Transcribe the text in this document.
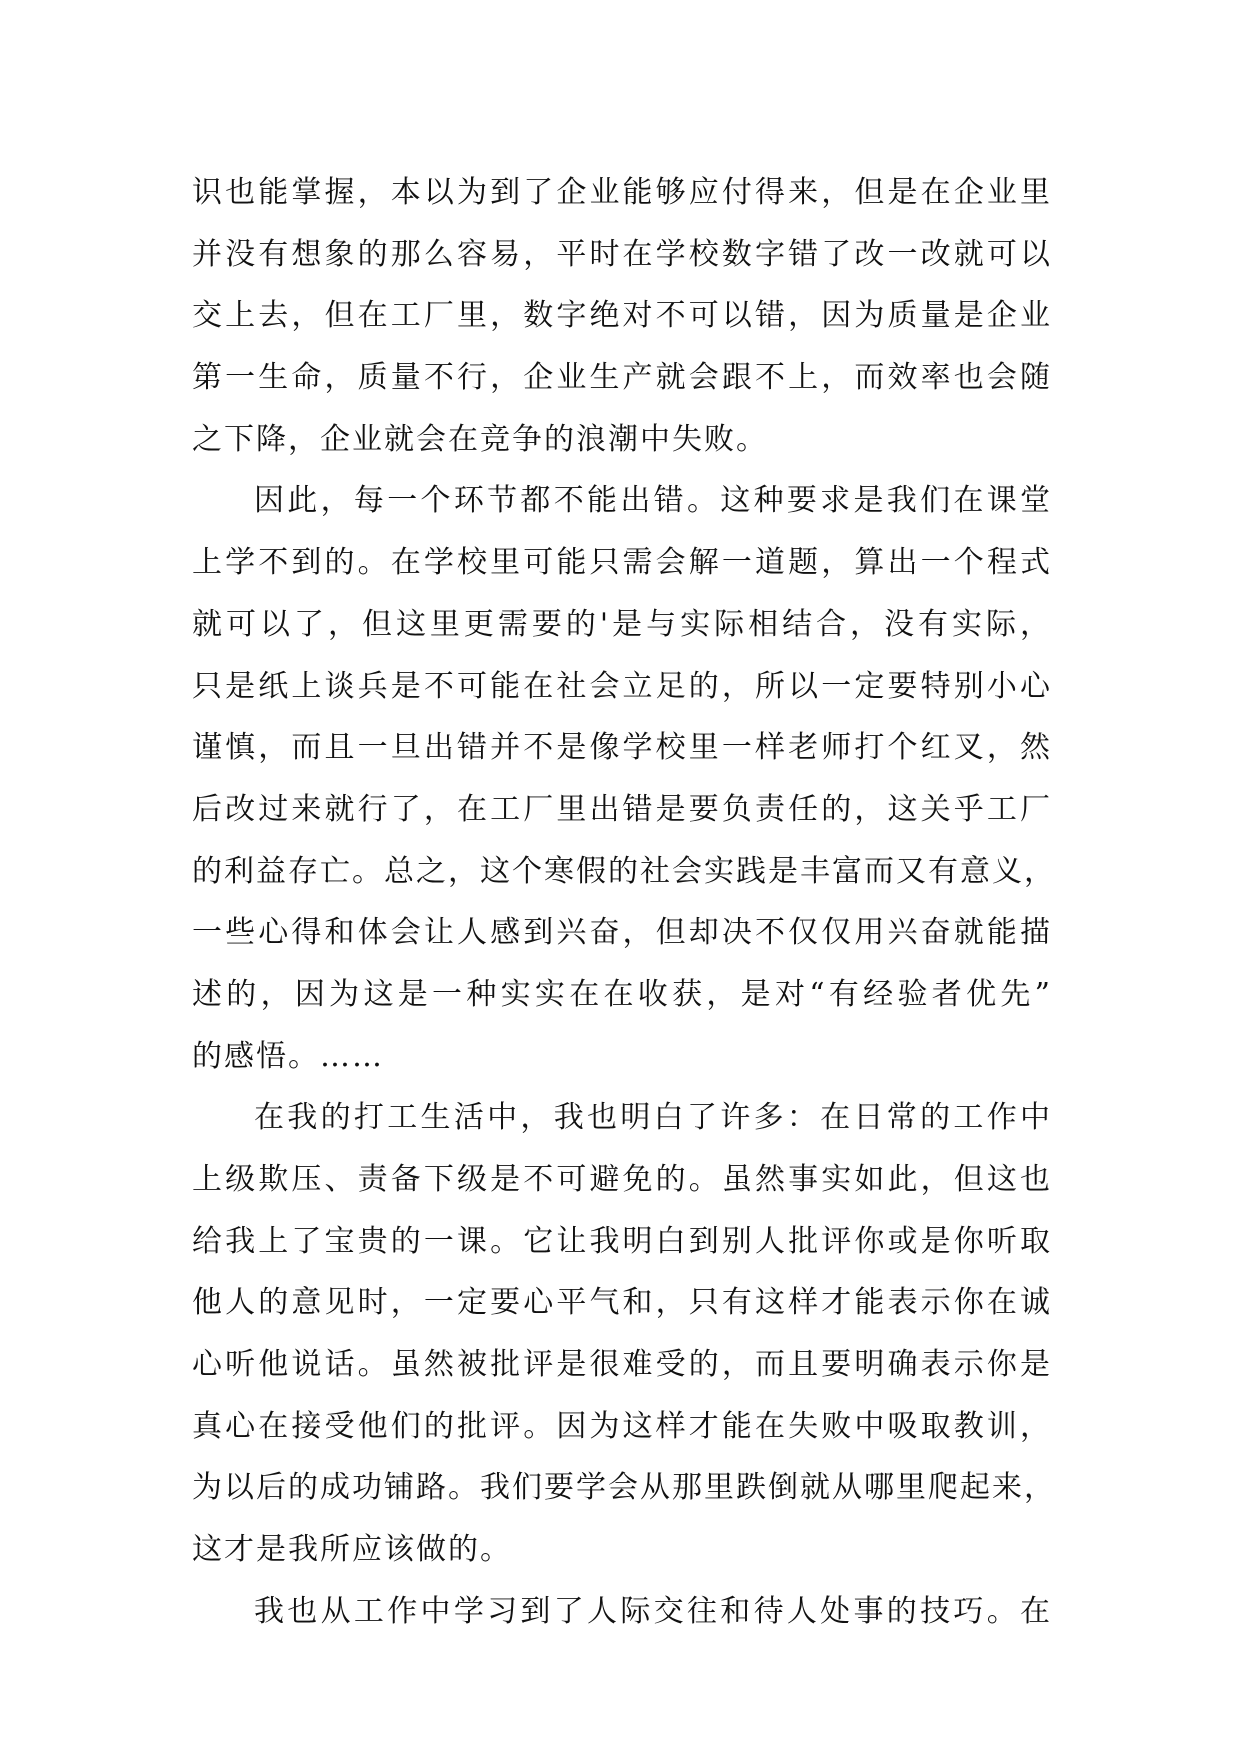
识也能掌握，本以为到了企业能够应付得来，但是在企业里
并没有想象的那么容易，平时在学校数字错了改一改就可以
交上去，但在工厂里，数字绝对不可以错，因为质量是企业
第一生命，质量不行，企业生产就会跟不上，而效率也会随
之下降，企业就会在竞争的浪潮中失败。
因此，每一个环节都不能出错。这种要求是我们在课堂
上学不到的。在学校里可能只需会解一道题，算出一个程式
就可以了，但这里更需要的'是与实际相结合，没有实际，
只是纸上谈兵是不可能在社会立足的，所以一定要特别小心
谨慎，而且一旦出错并不是像学校里一样老师打个红叉，然
后改过来就行了，在工厂里出错是要负责任的，这关乎工厂
的利益存亡。总之，这个寒假的社会实践是丰富而又有意义，
一些心得和体会让人感到兴奋，但却决不仅仅用兴奋就能描
述的，因为这是一种实实在在收获，是对“有经验者优先”
的感悟。……
在我的打工生活中，我也明白了许多：在日常的工作中
上级欺压、责备下级是不可避免的。虽然事实如此，但这也
给我上了宝贵的一课。它让我明白到别人批评你或是你听取
他人的意见时，一定要心平气和，只有这样才能表示你在诚
心听他说话。虽然被批评是很难受的，而且要明确表示你是
真心在接受他们的批评。因为这样才能在失败中吸取教训，
为以后的成功铺路。我们要学会从那里跌倒就从哪里爬起来，
这才是我所应该做的。
我也从工作中学习到了人际交往和待人处事的技巧。在
